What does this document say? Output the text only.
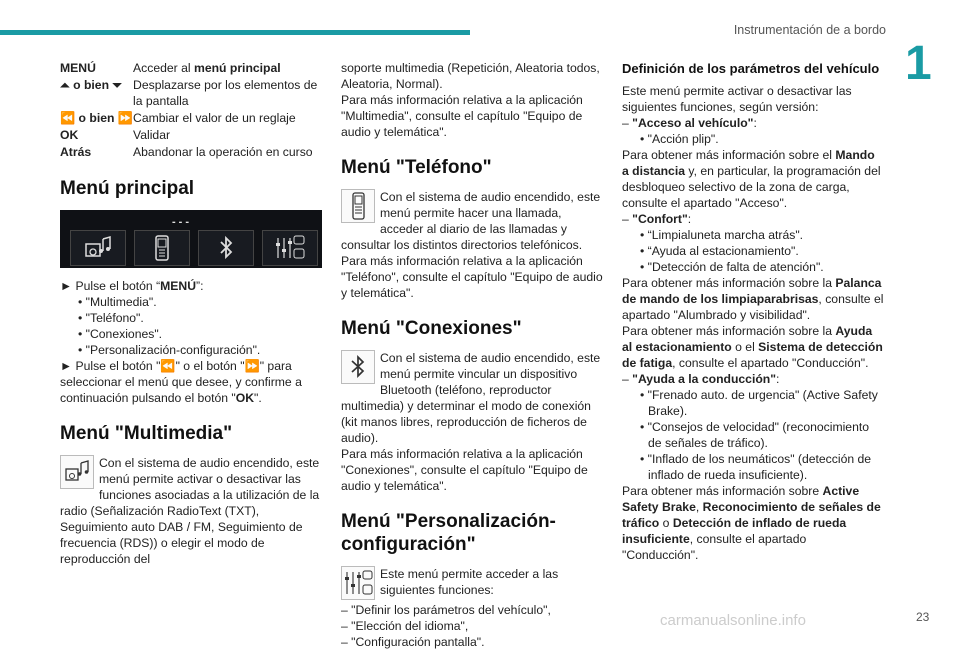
Instrumentación de a bordo
1
MENÚ	Acceder al menú principal
⏶ o bien ⏷	Desplazarse por los elementos de la pantalla
⏪ o bien ⏩	Cambiar el valor de un reglaje
OK	Validar
Atrás	Abandonar la operación en curso
Menú principal
---

► Pulse el botón “MENÚ”:

• "Multimedia".

• "Teléfono".

• "Conexiones".

• "Personalización-configuración".

► Pulse el botón "⏪" o el botón "⏩" para seleccionar el menú que desee, y confirme a continuación pulsando el botón "OK".

Menú "Multimedia"
Con el sistema de audio encendido, este menú permite activar o desactivar las funciones asociadas a la utilización de la radio (Señalización RadioText (TXT), Seguimiento auto DAB / FM, Seguimiento de frecuencia (RDS)) o elegir el modo de reproducción del

soporte multimedia (Repetición, Aleatoria todos, Aleatoria, Normal).

Para más información relativa a la aplicación "Multimedia", consulte el capítulo "Equipo de audio y telemática".

Menú "Teléfono"
Con el sistema de audio encendido, este menú permite hacer una llamada, acceder al diario de las llamadas y consultar los distintos directorios telefónicos.

Para más información relativa a la aplicación "Teléfono", consulte el capítulo "Equipo de audio y telemática".

Menú "Conexiones"
Con el sistema de audio encendido, este menú permite vincular un dispositivo Bluetooth (teléfono, reproductor multimedia) y determinar el modo de conexión (kit manos libres, reproducción de ficheros de audio).

Para más información relativa a la aplicación "Conexiones", consulte el capítulo "Equipo de audio y telemática".

Menú "Personalización-configuración"
Este menú permite acceder a las siguientes funciones:

– "Definir los parámetros del vehículo",

– "Elección del idioma",

– "Configuración pantalla".

Definición de los parámetros del vehículo

Este menú permite activar o desactivar las siguientes funciones, según versión:

– "Acceso al vehículo":

• "Acción plip".

Para obtener más información sobre el Mando a distancia y, en particular, la programación del desbloqueo selectivo de la zona de carga, consulte el apartado "Acceso".

– "Confort":

• “Limpialuneta marcha atrás".

• “Ayuda al estacionamiento".

• "Detección de falta de atención".

Para obtener más información sobre la Palanca de mando de los limpiaparabrisas, consulte el apartado "Alumbrado y visibilidad".

Para obtener más información sobre la Ayuda al estacionamiento o el Sistema de detección de fatiga, consulte el apartado "Conducción".

– "Ayuda a la conducción":

• "Frenado auto. de urgencia" (Active Safety Brake).

• "Consejos de velocidad" (reconocimiento de señales de tráfico).

• "Inflado de los neumáticos" (detección de inflado de rueda insuficiente).

Para obtener más información sobre Active Safety Brake, Reconocimiento de señales de tráfico o Detección de inflado de rueda insuficiente, consulte el apartado "Conducción".

carmanualsonline.info	23
